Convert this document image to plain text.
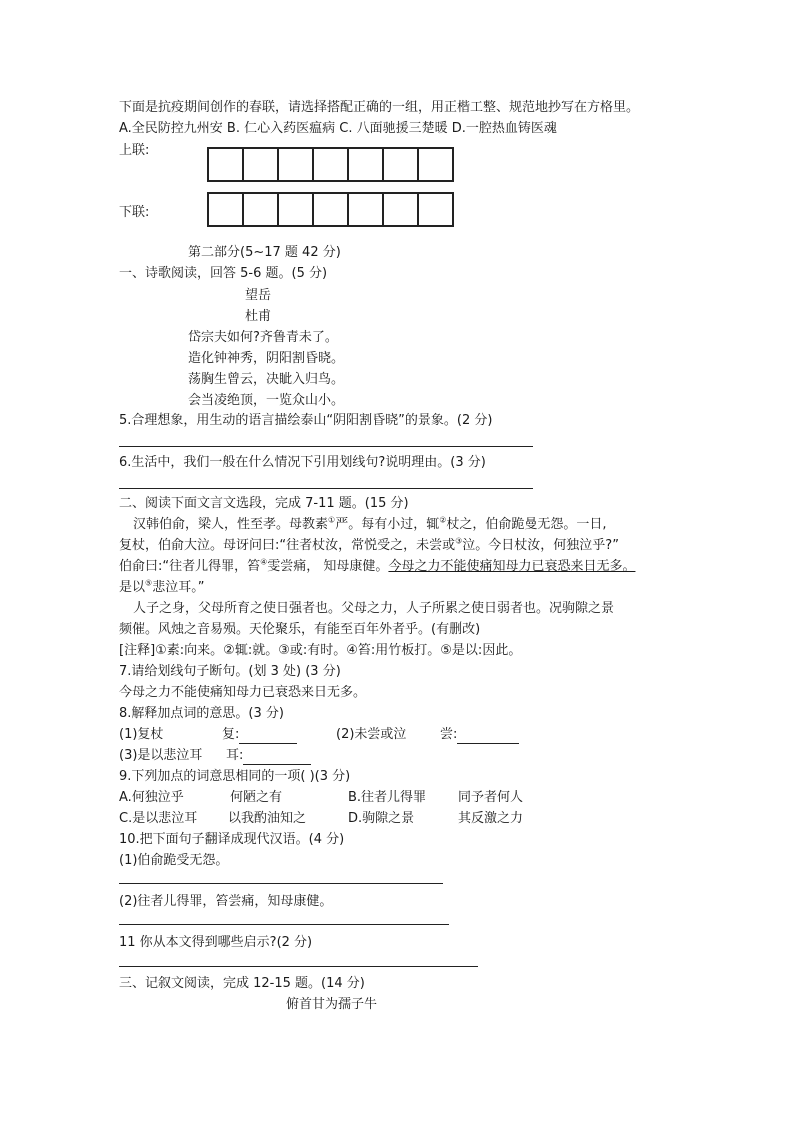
下面是抗疫期间创作的春联，请选择搭配正确的一组，用正楷工整、规范地抄写在方格里。
A.全民防控九州安 B. 仁心入药医瘟病 C. 八面驰援三楚暖 D.一腔热血铸医魂
上联:
下联:
第二部分(5~17 题 42 分)
一、诗歌阅读，回答 5-6 题。(5 分)
望岳
杜甫
岱宗夫如何?齐鲁青未了。
造化钟神秀，阴阳割昏晓。
荡胸生曾云，决眦入归鸟。
会当凌绝顶，一览众山小。
5.合理想象，用生动的语言描绘泰山“阴阳割昏晓”的景象。(2 分)
6.生活中，我们一般在什么情况下引用划线句?说明理由。(3 分)
二、阅读下面文言文选段，完成 7-11 题。(15 分)
汉韩伯俞，梁人，性至孝。母教素①严。每有小过，辄②杖之，伯俞跪曼无怨。一日,
复杖，伯俞大泣。母讶问曰:“往者杖汝，常悦受之，未尝或③泣。今日杖汝，何独泣乎?”
伯俞曰:“往者儿得罪，笞④雯尝痛， 知母康健。今母之力不能使痛知母力已衰恐来日无多。
是以⑤悲泣耳。”
人子之身，父母所育之使日强者也。父母之力，人子所累之使日弱者也。况驹隙之景
频催。风烛之音易殒。天伦聚乐，有能至百年外者乎。(有删改)
[注释]①素:向来。②辄:就。③或:有时。④笞:用竹板打。⑤是以:因此。
7.请给划线句子断句。(划 3 处) (3 分)
今母之力不能使痛知母力已衰恐来日无多。
8.解释加点词的意思。(3 分)
(1)复杖	复:	(2)未尝或泣	尝:
(3)是以悲泣耳 耳:
9.下列加点的词意思相同的一项( )(3 分)
A.何独泣乎	何陋之有	B.往者儿得罪 同予者何人
C.是以悲泣耳 以我酌油知之	D.驹隙之景	其反激之力
10.把下面句子翻译成现代汉语。(4 分)
(1)伯俞跪受无怨。
(2)往者儿得罪，笞尝痛，知母康健。
11 你从本文得到哪些启示?(2 分)
三、记叙文阅读，完成 12-15 题。(14 分)
俯首甘为孺子牛
